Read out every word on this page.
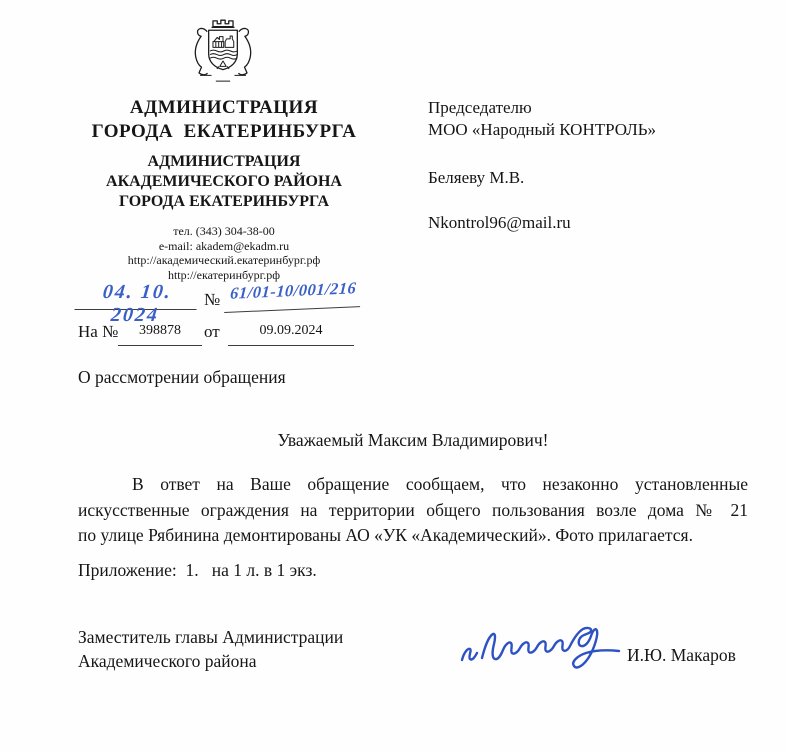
АДМИНИСТРАЦИЯ
ГОРОДА  ЕКАТЕРИНБУРГА
АДМИНИСТРАЦИЯ
АКАДЕМИЧЕСКОГО РАЙОНА
ГОРОДА ЕКАТЕРИНБУРГА
тел. (343) 304-38-00
e-mail: akadem@ekadm.ru
http://академический.екатеринбург.рф
http://екатеринбург.рф
Председателю
МОО «Народный КОНТРОЛЬ»
Беляеву М.В.
Nkontrol96@mail.ru
04. 10. 2024
№ 61/01-10/001/216
На №	398878	от	09.09.2024
О рассмотрении обращения
Уважаемый Максим Владимирович!
В ответ на Ваше обращение сообщаем, что незаконно установленные
искусственные ограждения на территории общего пользования возле дома № 21
по улице Рябинина демонтированы АО «УК «Академический». Фото прилагается.
Приложение:  1.   на 1 л. в 1 экз.
Заместитель главы Администрации
Академического района	И.Ю. Макаров
